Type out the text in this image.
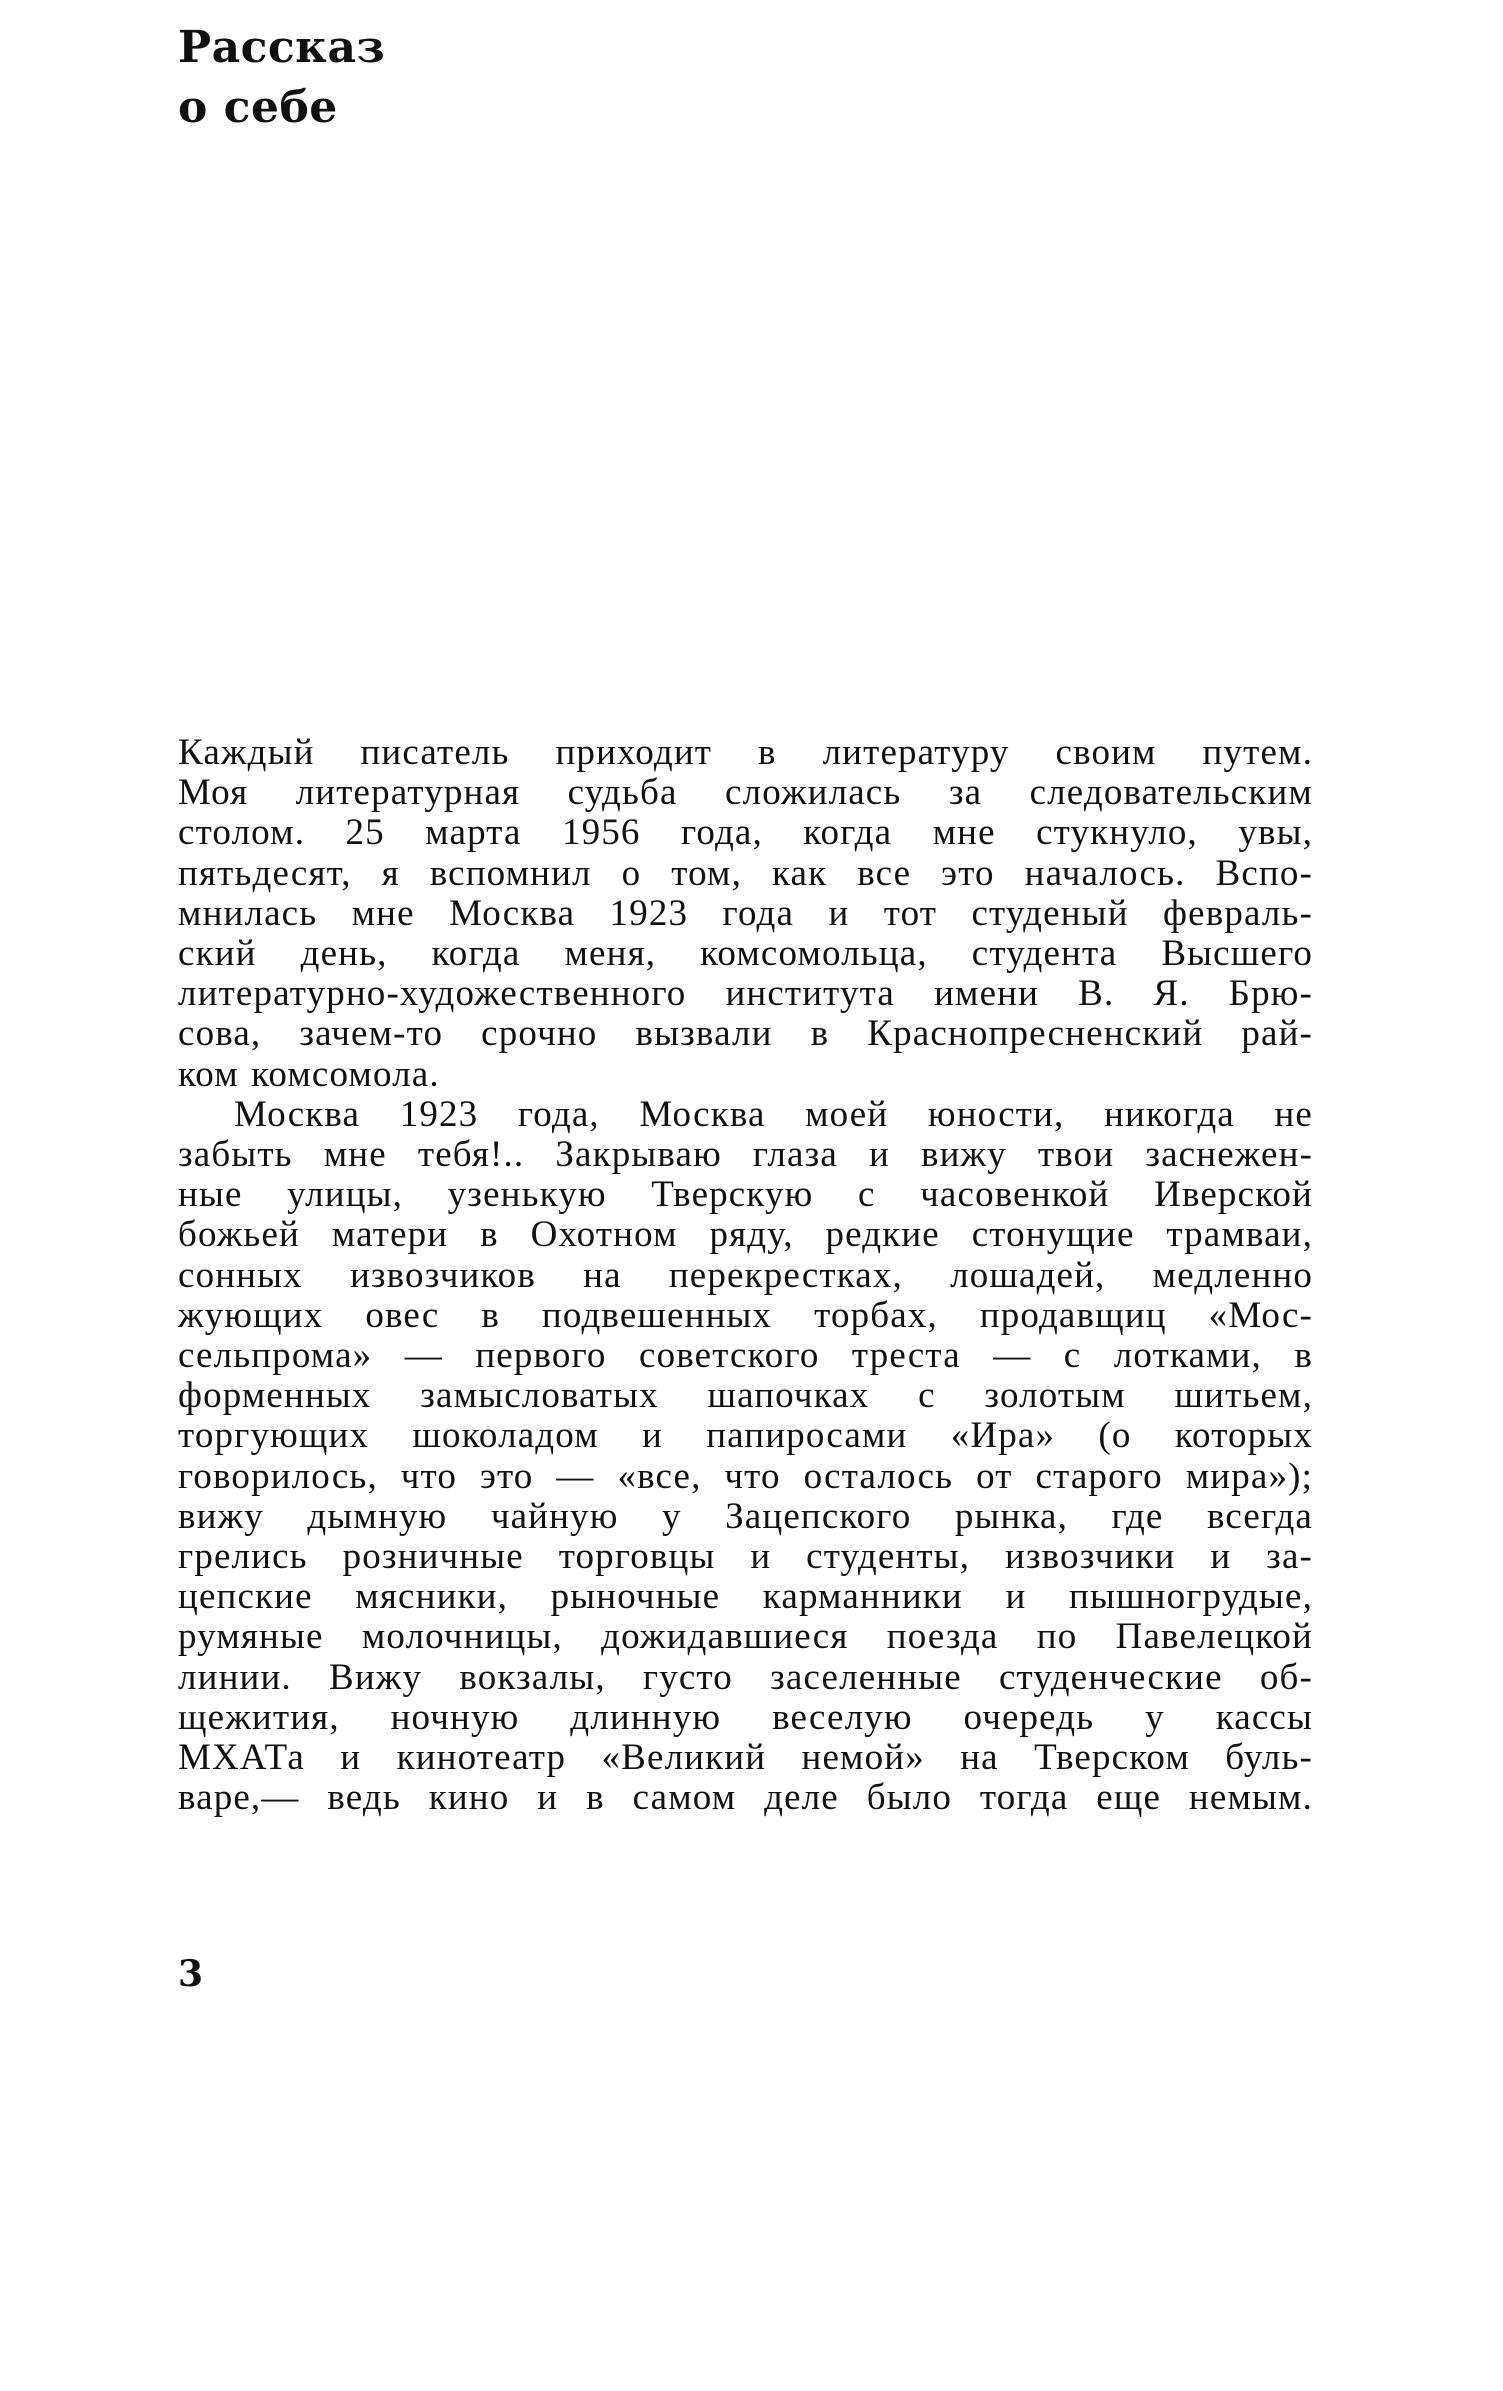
Рассказ
о себе

Каждый писатель приходит в литературу своим путем.
Моя литературная судьба сложилась за следовательским
столом. 25 марта 1956 года, когда мне стукнуло, увы,
пятьдесят, я вспомнил о том, как все это началось. Вспо-
мнилась мне Москва 1923 года и тот студеный февраль-
ский день, когда меня, комсомольца, студента Высшего
литературно-художественного института имени В. Я. Брю-
сова, зачем-то срочно вызвали в Краснопресненский рай-
ком комсомола.

Москва 1923 года, Москва моей юности, никогда не
забыть мне тебя!.. Закрываю глаза и вижу твои заснежен-
ные улицы, узенькую Тверскую с часовенкой Иверской
божьей матери в Охотном ряду, редкие стонущие трамваи,
сонных извозчиков на перекрестках, лошадей, медленно
жующих овес в подвешенных торбах, продавщиц «Мос-
сельпрома» — первого советского треста — с лотками, в
форменных замысловатых шапочках с золотым шитьем,
торгующих шоколадом и папиросами «Ира» (о которых
говорилось, что это — «все, что осталось от старого мира»);
вижу дымную чайную у Зацепского рынка, где всегда
грелись розничные торговцы и студенты, извозчики и за-
цепские мясники, рыночные карманники и пышногрудые,
румяные молочницы, дожидавшиеся поезда по Павелецкой
линии. Вижу вокзалы, густо заселенные студенческие об-
щежития, ночную длинную веселую очередь у кассы
МХАТа и кинотеатр «Великий немой» на Тверском буль-
варе,— ведь кино и в самом деле было тогда еще немым.

3
